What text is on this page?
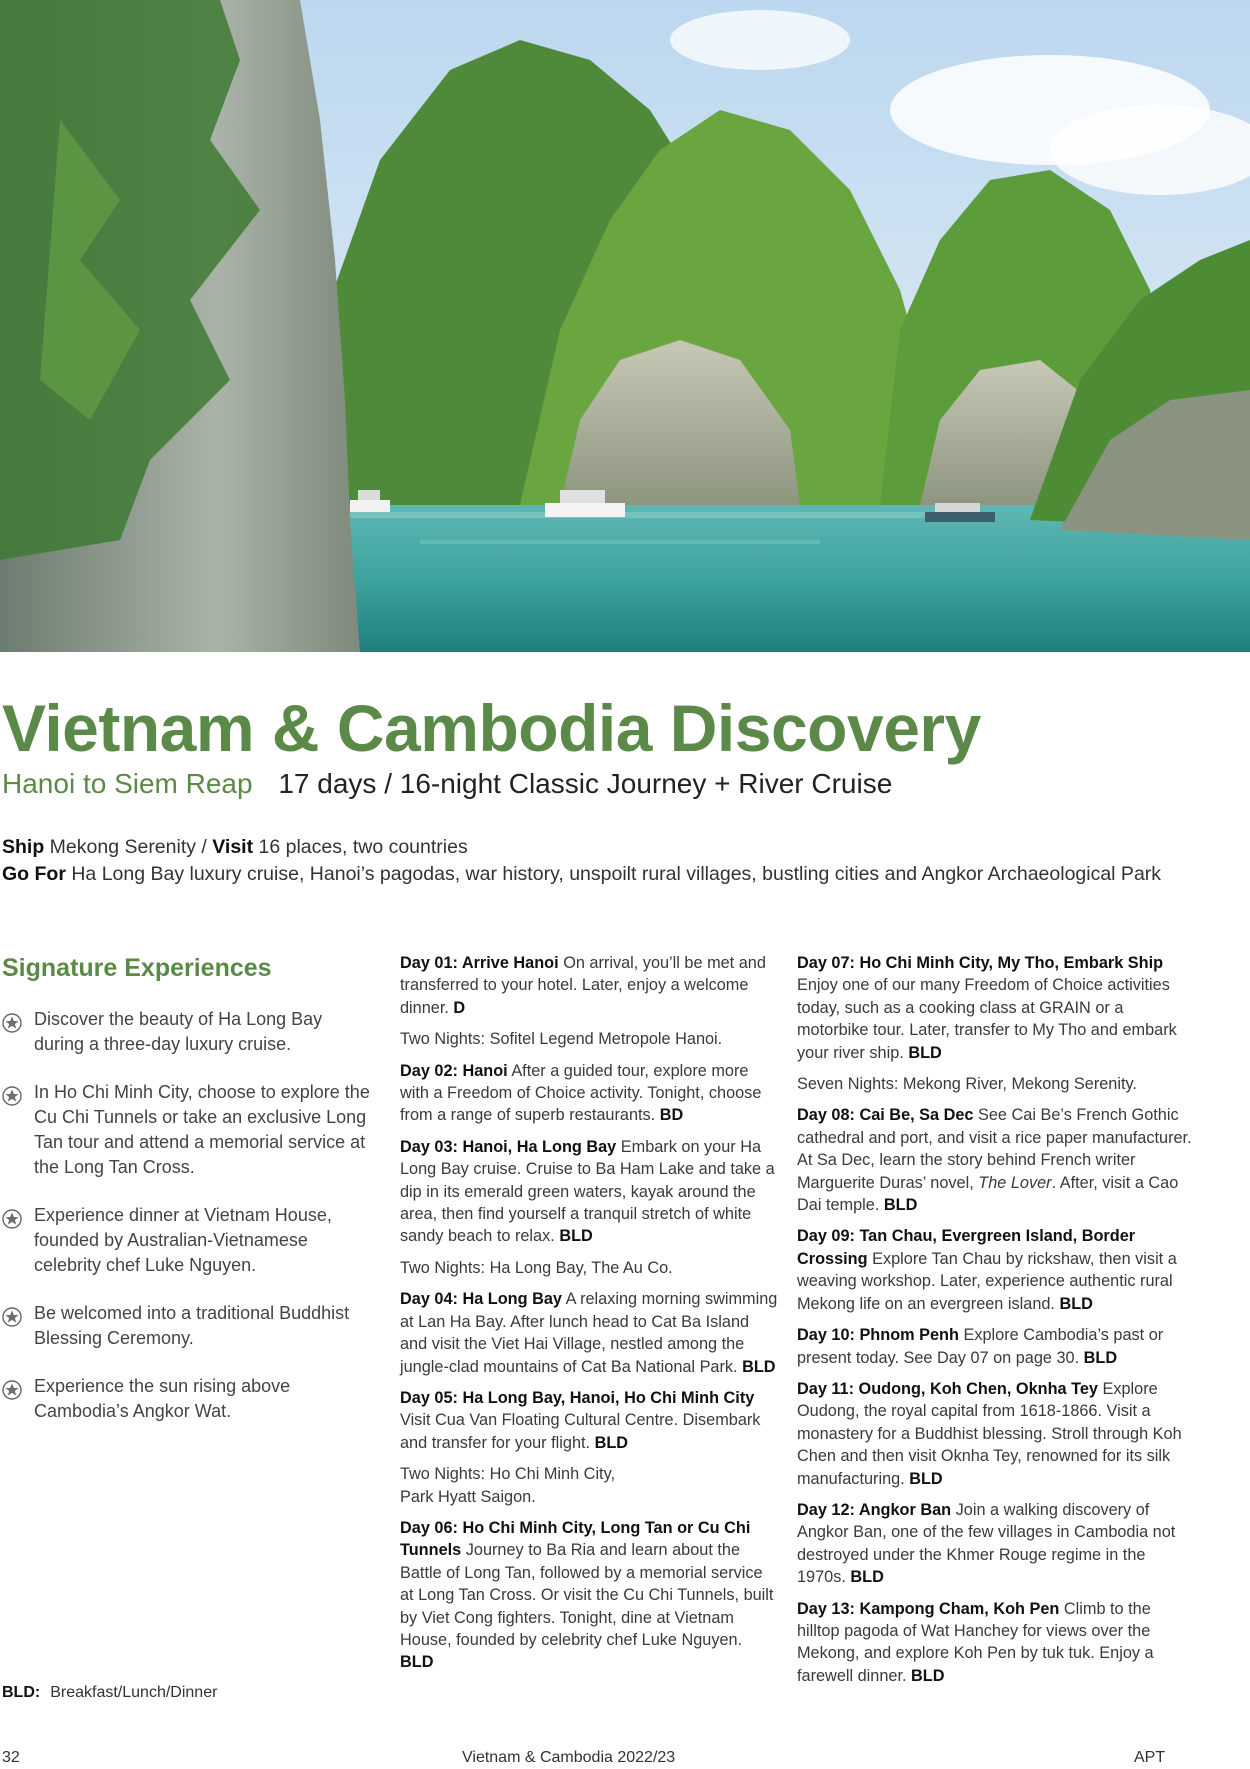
Vietnam & Cambodia Discovery
Hanoi to Siem Reap 17 days / 16-night Classic Journey + River Cruise
Ship Mekong Serenity / Visit 16 places, two countries
Go For Ha Long Bay luxury cruise, Hanoi’s pagodas, war history, unspoilt rural villages, bustling cities and Angkor Archaeological Park
Signature Experiences
Discover the beauty of Ha Long Bay during a three-day luxury cruise.
In Ho Chi Minh City, choose to explore the Cu Chi Tunnels or take an exclusive Long Tan tour and attend a memorial service at the Long Tan Cross.
Experience dinner at Vietnam House, founded by Australian-Vietnamese celebrity chef Luke Nguyen.
Be welcomed into a traditional Buddhist Blessing Ceremony.
Experience the sun rising above Cambodia’s Angkor Wat.

Day 01: Arrive Hanoi On arrival, you’ll be met and transferred to your hotel. Later, enjoy a welcome dinner. D

Two Nights: Sofitel Legend Metropole Hanoi.

Day 02: Hanoi After a guided tour, explore more with a Freedom of Choice activity. Tonight, choose from a range of superb restaurants. BD

Day 03: Hanoi, Ha Long Bay Embark on your Ha Long Bay cruise. Cruise to Ba Ham Lake and take a dip in its emerald green waters, kayak around the area, then find yourself a tranquil stretch of white sandy beach to relax. BLD

Two Nights: Ha Long Bay, The Au Co.

Day 04: Ha Long Bay A relaxing morning swimming at Lan Ha Bay. After lunch head to Cat Ba Island and visit the Viet Hai Village, nestled among the jungle-clad mountains of Cat Ba National Park. BLD

Day 05: Ha Long Bay, Hanoi, Ho Chi Minh City Visit Cua Van Floating Cultural Centre. Disembark and transfer for your flight. BLD

Two Nights: Ho Chi Minh City,
Park Hyatt Saigon.

Day 06: Ho Chi Minh City, Long Tan or Cu Chi Tunnels Journey to Ba Ria and learn about the Battle of Long Tan, followed by a memorial service at Long Tan Cross. Or visit the Cu Chi Tunnels, built by Viet Cong fighters. Tonight, dine at Vietnam House, founded by celebrity chef Luke Nguyen. BLD

Day 07: Ho Chi Minh City, My Tho, Embark Ship Enjoy one of our many Freedom of Choice activities today, such as a cooking class at GRAIN or a motorbike tour. Later, transfer to My Tho and embark your river ship. BLD

Seven Nights: Mekong River, Mekong Serenity.

Day 08: Cai Be, Sa Dec See Cai Be’s French Gothic cathedral and port, and visit a rice paper manufacturer. At Sa Dec, learn the story behind French writer Marguerite Duras’ novel, The Lover. After, visit a Cao Dai temple. BLD

Day 09: Tan Chau, Evergreen Island, Border Crossing Explore Tan Chau by rickshaw, then visit a weaving workshop. Later, experience authentic rural Mekong life on an evergreen island. BLD

Day 10: Phnom Penh Explore Cambodia’s past or present today. See Day 07 on page 30. BLD

Day 11: Oudong, Koh Chen, Oknha Tey Explore Oudong, the royal capital from 1618-1866. Visit a monastery for a Buddhist blessing. Stroll through Koh Chen and then visit Oknha Tey, renowned for its silk manufacturing. BLD

Day 12: Angkor Ban Join a walking discovery of Angkor Ban, one of the few villages in Cambodia not destroyed under the Khmer Rouge regime in the 1970s. BLD

Day 13: Kampong Cham, Koh Pen Climb to the hilltop pagoda of Wat Hanchey for views over the Mekong, and explore Koh Pen by tuk tuk. Enjoy a farewell dinner. BLD

BLD: Breakfast/Lunch/Dinner
32	Vietnam & Cambodia 2022/23	APT
